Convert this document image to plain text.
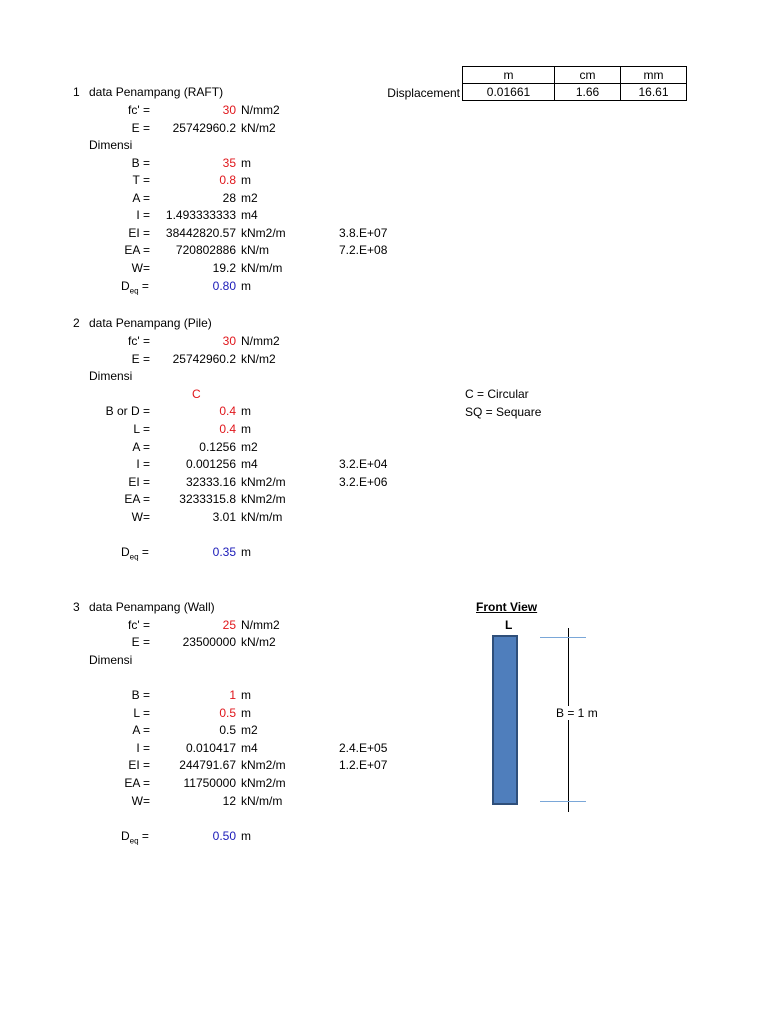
Displacement
m	cm	mm
0.01661	1.66	16.61
1 data Penampang (RAFT)
fc' =	30 N/mm2
E =	25742960.2 kN/m2
Dimensi
B =	35 m
T =	0.8 m
A =	28 m2
I =	1.493333333 m4
EI =	38442820.57 kNm2/m	3.8.E+07
EA =	720802886 kN/m	7.2.E+08
W=	19.2 kN/m/m
$D_{eq}$ =	0.80 m
2 data Penampang (Pile)
fc' =	30 N/mm2
E =	25742960.2 kN/m2
Dimensi
C	C = Circular
SQ = Sequare
B or D =	0.4 m
L =	0.4 m
A =	0.1256 m2
I =	0.001256 m4	3.2.E+04
EI =	32333.16 kNm2/m	3.2.E+06
EA =	3233315.8 kNm2/m
W=	3.01 kN/m/m
$D_{eq}$ =	0.35 m
3 data Penampang (Wall)
fc' =	25 N/mm2
E =	23500000 kN/m2
Dimensi
B =	1 m
L =	0.5 m
A =	0.5 m2
I =	0.010417 m4	2.4.E+05
EI =	244791.67 kNm2/m	1.2.E+07
EA =	11750000 kNm2/m
W=	12 kN/m/m
$D_{eq}$ =	0.50 m
Front View
L
B = 1 m
